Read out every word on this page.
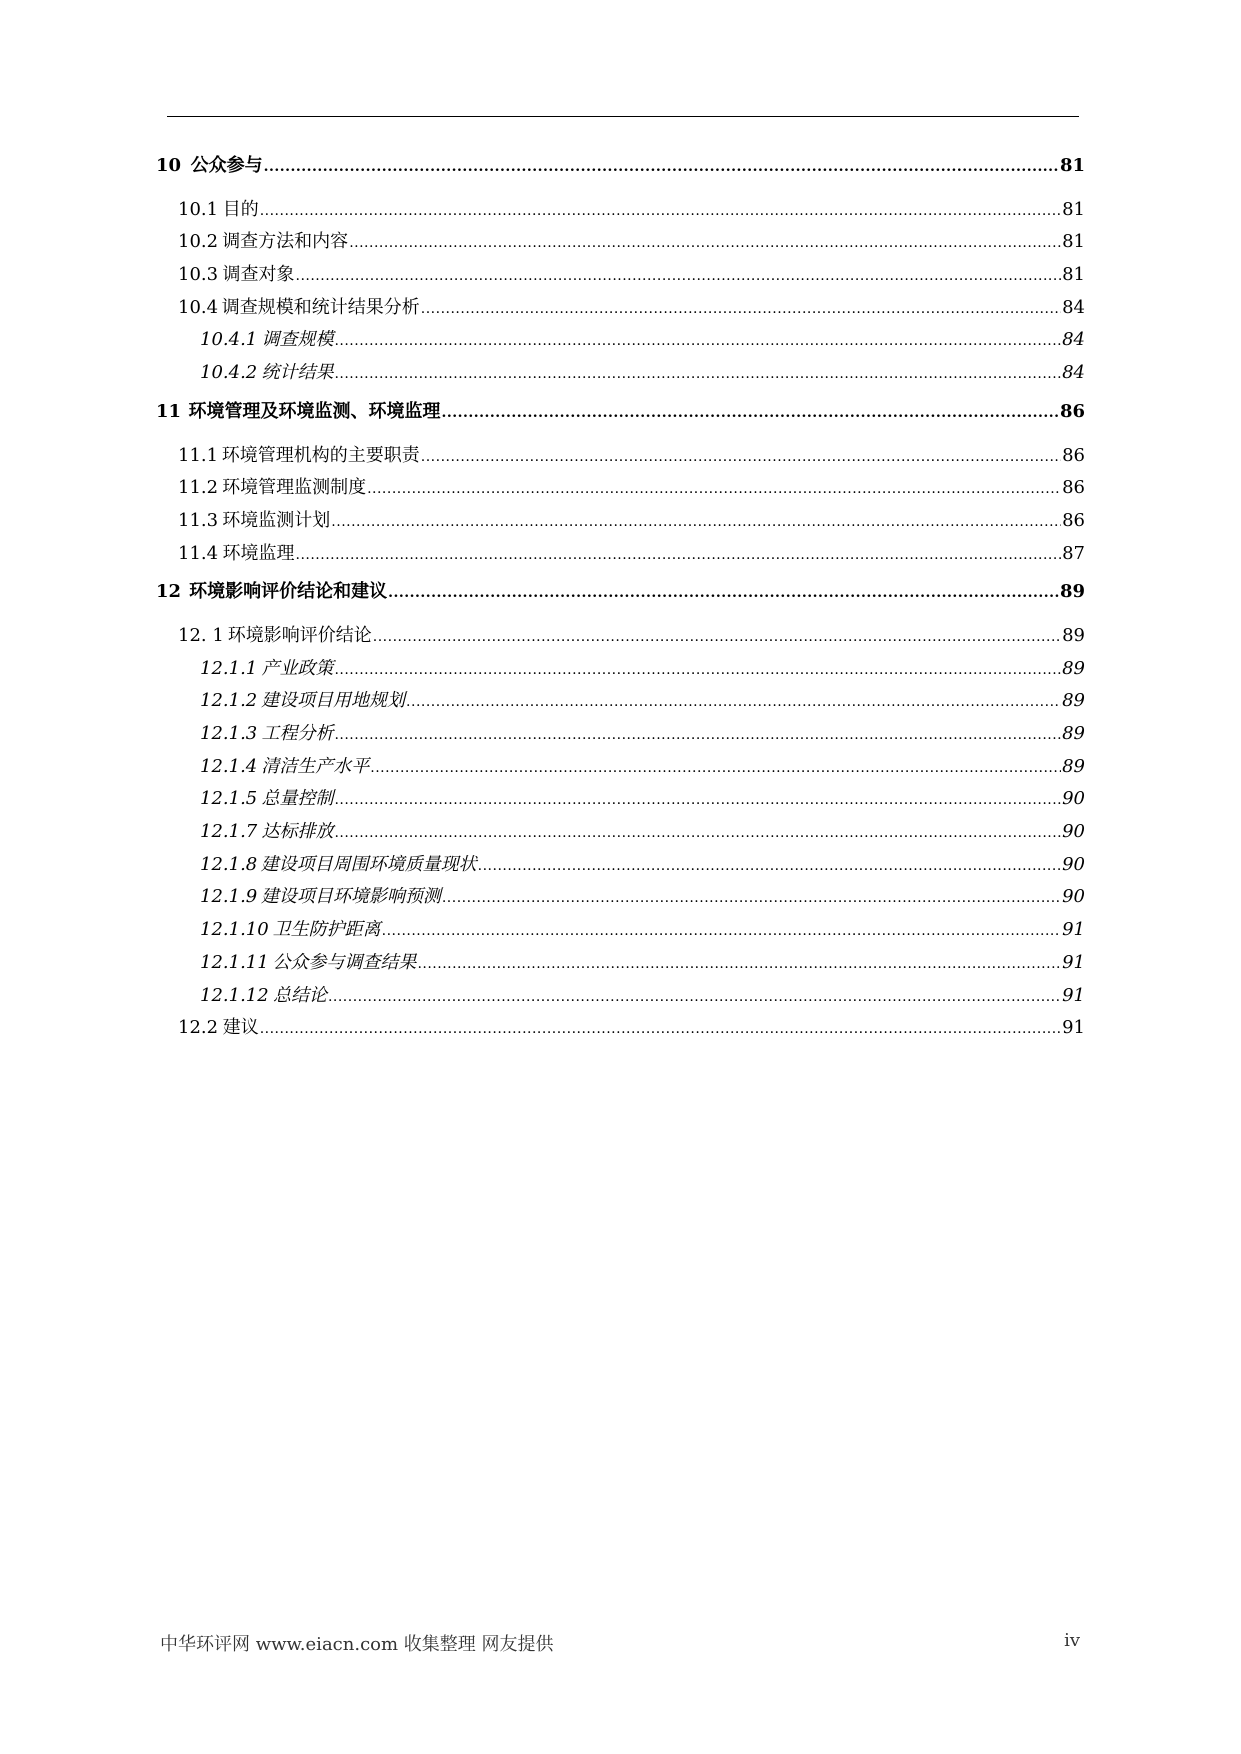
10 公众参与 .....	81
10.1 目的 .....	81
10.2 调查方法和内容 .....	81
10.3 调查对象 .....	81
10.4 调查规模和统计结果分析 .....	84
10.4.1 调查规模 .....	84
10.4.2 统计结果 .....	84
11 环境管理及环境监测、环境监理 .....	86
11.1 环境管理机构的主要职责 .....	86
11.2 环境管理监测制度 .....	86
11.3 环境监测计划 .....	86
11.4 环境监理 .....	87
12 环境影响评价结论和建议 .....	89
12. 1 环境影响评价结论 .....	89
12.1.1 产业政策 .....	89
12.1.2 建设项目用地规划 .....	89
12.1.3 工程分析 .....	89
12.1.4 清洁生产水平 .....	89
12.1.5 总量控制 .....	90
12.1.7 达标排放 .....	90
12.1.8 建设项目周围环境质量现状 .....	90
12.1.9 建设项目环境影响预测 .....	90
12.1.10 卫生防护距离 .....	91
12.1.11 公众参与调查结果 .....	91
12.1.12 总结论 .....	91
12.2 建议 .....	91
中华环评网 www.eiacn.com 收集整理 网友提供	iv
